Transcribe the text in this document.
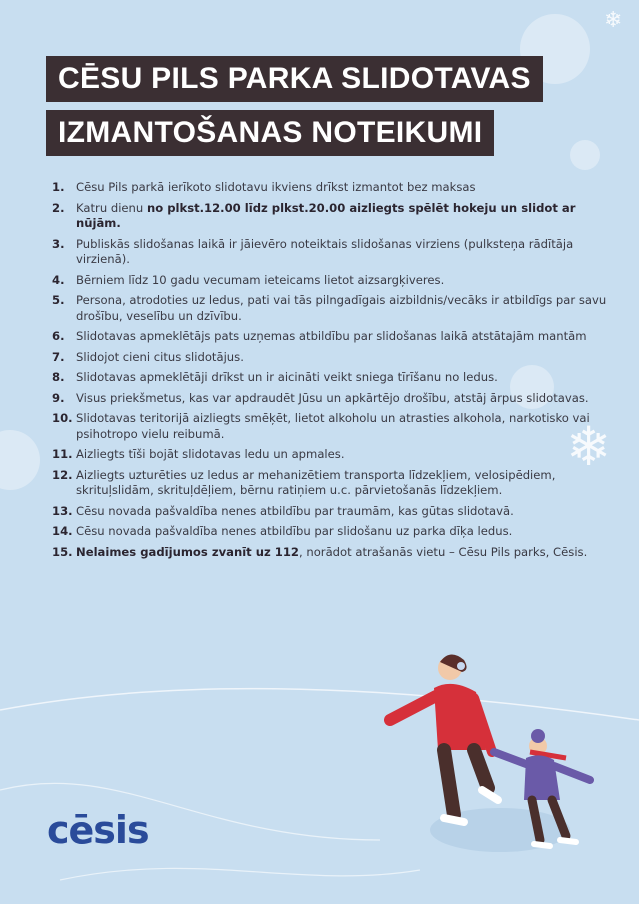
❄
❄
CĒSU PILS PARKA SLIDOTAVAS
IZMANTOŠANAS NOTEIKUMI
1. Cēsu Pils parkā ierīkoto slidotavu ikviens drīkst izmantot bez maksas
2. Katru dienu no plkst.12.00 līdz plkst.20.00 aizliegts spēlēt hokeju un slidot ar nūjām.
3. Publiskās slidošanas laikā ir jāievēro noteiktais slidošanas virziens (pulksteņa rādītāja virzienā).
4. Bērniem līdz 10 gadu vecumam ieteicams lietot aizsargķiveres.
5. Persona, atrodoties uz ledus, pati vai tās pilngadīgais aizbildnis/vecāks ir atbildīgs par savu drošību, veselību un dzīvību.
6. Slidotavas apmeklētājs pats uzņemas atbildību par slidošanas laikā atstātajām mantām
7. Slidojot cieni citus slidotājus.
8. Slidotavas apmeklētāji drīkst un ir aicināti veikt sniega tīrīšanu no ledus.
9. Visus priekšmetus, kas var apdraudēt Jūsu un apkārtējo drošību, atstāj ārpus slidotavas.
10. Slidotavas teritorijā aizliegts smēķēt, lietot alkoholu un atrasties alkohola, narkotisko vai psihotropo vielu reibumā.
11. Aizliegts tīši bojāt slidotavas ledu un apmales.
12. Aizliegts uzturēties uz ledus ar mehanizētiem transporta līdzekļiem, velosipēdiem, skrituļslidām, skrituļdēļiem, bērnu ratiņiem u.c. pārvietošanās līdzekļiem.
13. Cēsu novada pašvaldība nenes atbildību par traumām, kas gūtas slidotavā.
14. Cēsu novada pašvaldība nenes atbildību par slidošanu uz parka dīķa ledus.
15. Nelaimes gadījumos zvanīt uz 112, norādot atrašanās vietu – Cēsu Pils parks, Cēsis.
cēsis
